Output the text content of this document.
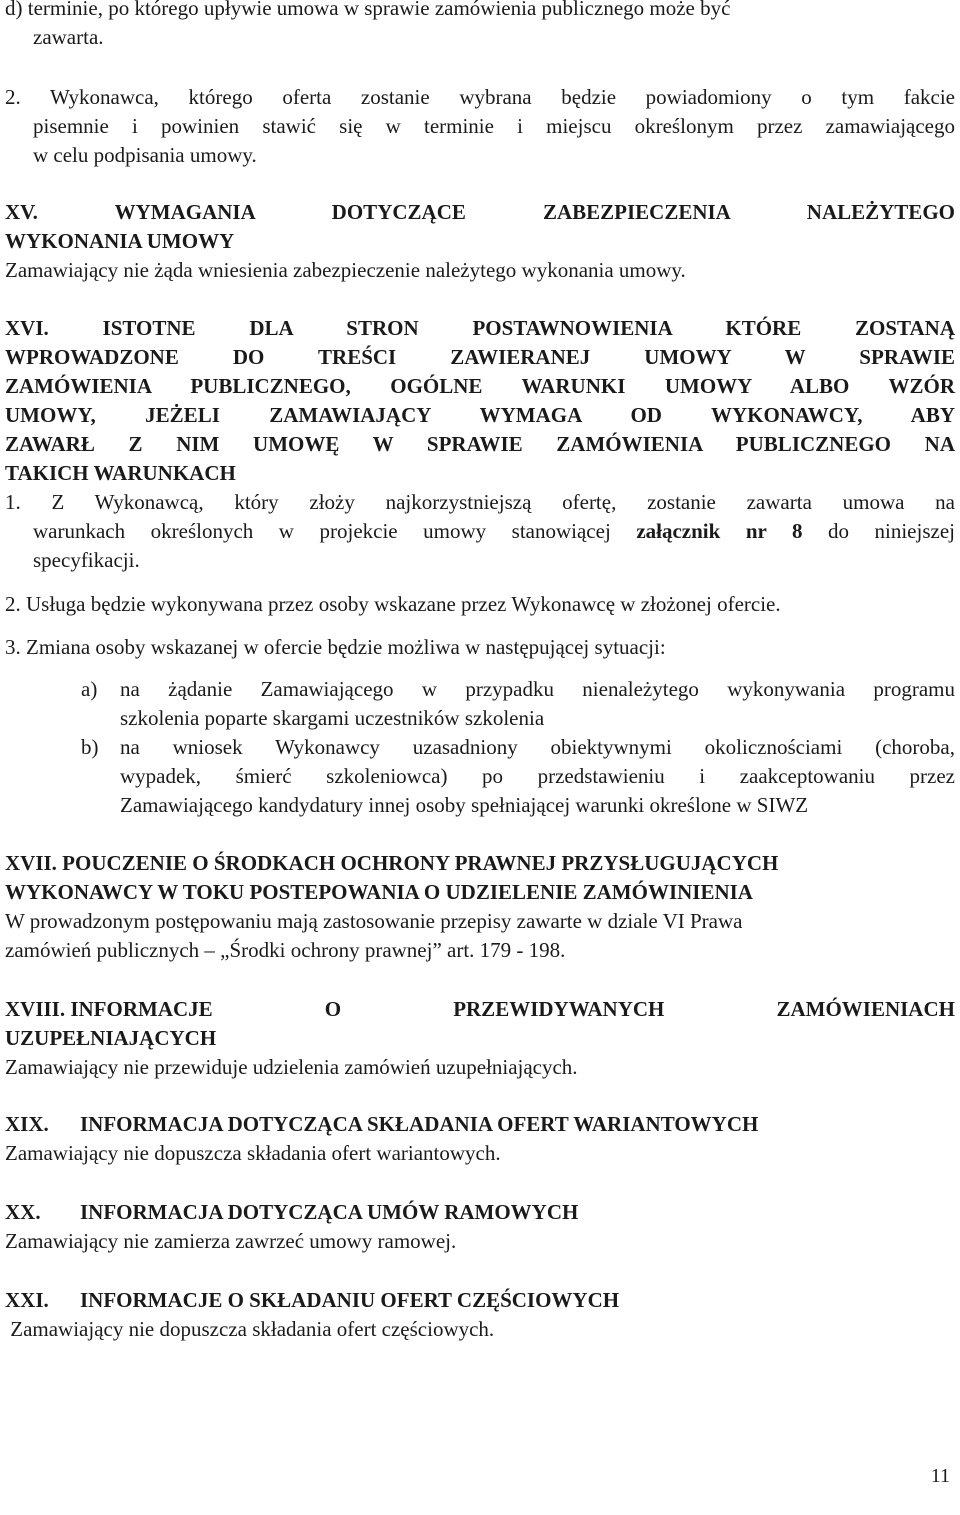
d) terminie, po którego upływie umowa w sprawie zamówienia publicznego może być
zawarta.
2. Wykonawca, którego oferta zostanie wybrana będzie powiadomiony o tym fakcie
pisemnie i powinien stawić się w terminie i miejscu określonym przez zamawiającego
w celu podpisania umowy.
XV. WYMAGANIA DOTYCZĄCE ZABEZPIECZENIA NALEŻYTEGO
WYKONANIA UMOWY
Zamawiający nie żąda wniesienia zabezpieczenie należytego wykonania umowy.
XVI. ISTOTNE DLA STRON POSTAWNOWIENIA KTÓRE ZOSTANĄ
WPROWADZONE DO TREŚCI ZAWIERANEJ UMOWY W SPRAWIE
ZAMÓWIENIA PUBLICZNEGO, OGÓLNE WARUNKI UMOWY ALBO WZÓR
UMOWY, JEŻELI ZAMAWIAJĄCY WYMAGA OD WYKONAWCY, ABY
ZAWARŁ Z NIM UMOWĘ W SPRAWIE ZAMÓWIENIA PUBLICZNEGO NA
TAKICH WARUNKACH
1. Z Wykonawcą, który złoży najkorzystniejszą ofertę, zostanie zawarta umowa na
warunkach określonych w projekcie umowy stanowiącej załącznik nr 8 do niniejszej
specyfikacji.
2. Usługa będzie wykonywana przez osoby wskazane przez Wykonawcę w złożonej ofercie.
3. Zmiana osoby wskazanej w ofercie będzie możliwa w następującej sytuacji:
a) na żądanie Zamawiającego w przypadku nienależytego wykonywania programu
szkolenia poparte skargami uczestników szkolenia
b) na wniosek Wykonawcy uzasadniony obiektywnymi okolicznościami (choroba,
wypadek, śmierć szkoleniowca) po przedstawieniu i zaakceptowaniu przez
Zamawiającego kandydatury innej osoby spełniającej warunki określone w SIWZ
XVII. POUCZENIE O ŚRODKACH OCHRONY PRAWNEJ PRZYSŁUGUJĄCYCH
WYKONAWCY W TOKU POSTEPOWANIA O UDZIELENIE ZAMÓWINIENIA
W prowadzonym postępowaniu mają zastosowanie przepisy zawarte w dziale VI Prawa
zamówień publicznych – „Środki ochrony prawnej” art. 179 - 198.
XVIII. INFORMACJE	O	PRZEWIDYWANYCH	ZAMÓWIENIACH
UZUPEŁNIAJĄCYCH
Zamawiający nie przewiduje udzielenia zamówień uzupełniających.
XIX. INFORMACJA DOTYCZĄCA SKŁADANIA OFERT WARIANTOWYCH
Zamawiający nie dopuszcza składania ofert wariantowych.
XX. INFORMACJA DOTYCZĄCA UMÓW RAMOWYCH
Zamawiający nie zamierza zawrzeć umowy ramowej.
XXI. INFORMACJE O SKŁADANIU OFERT CZĘŚCIOWYCH
Zamawiający nie dopuszcza składania ofert częściowych.
11
